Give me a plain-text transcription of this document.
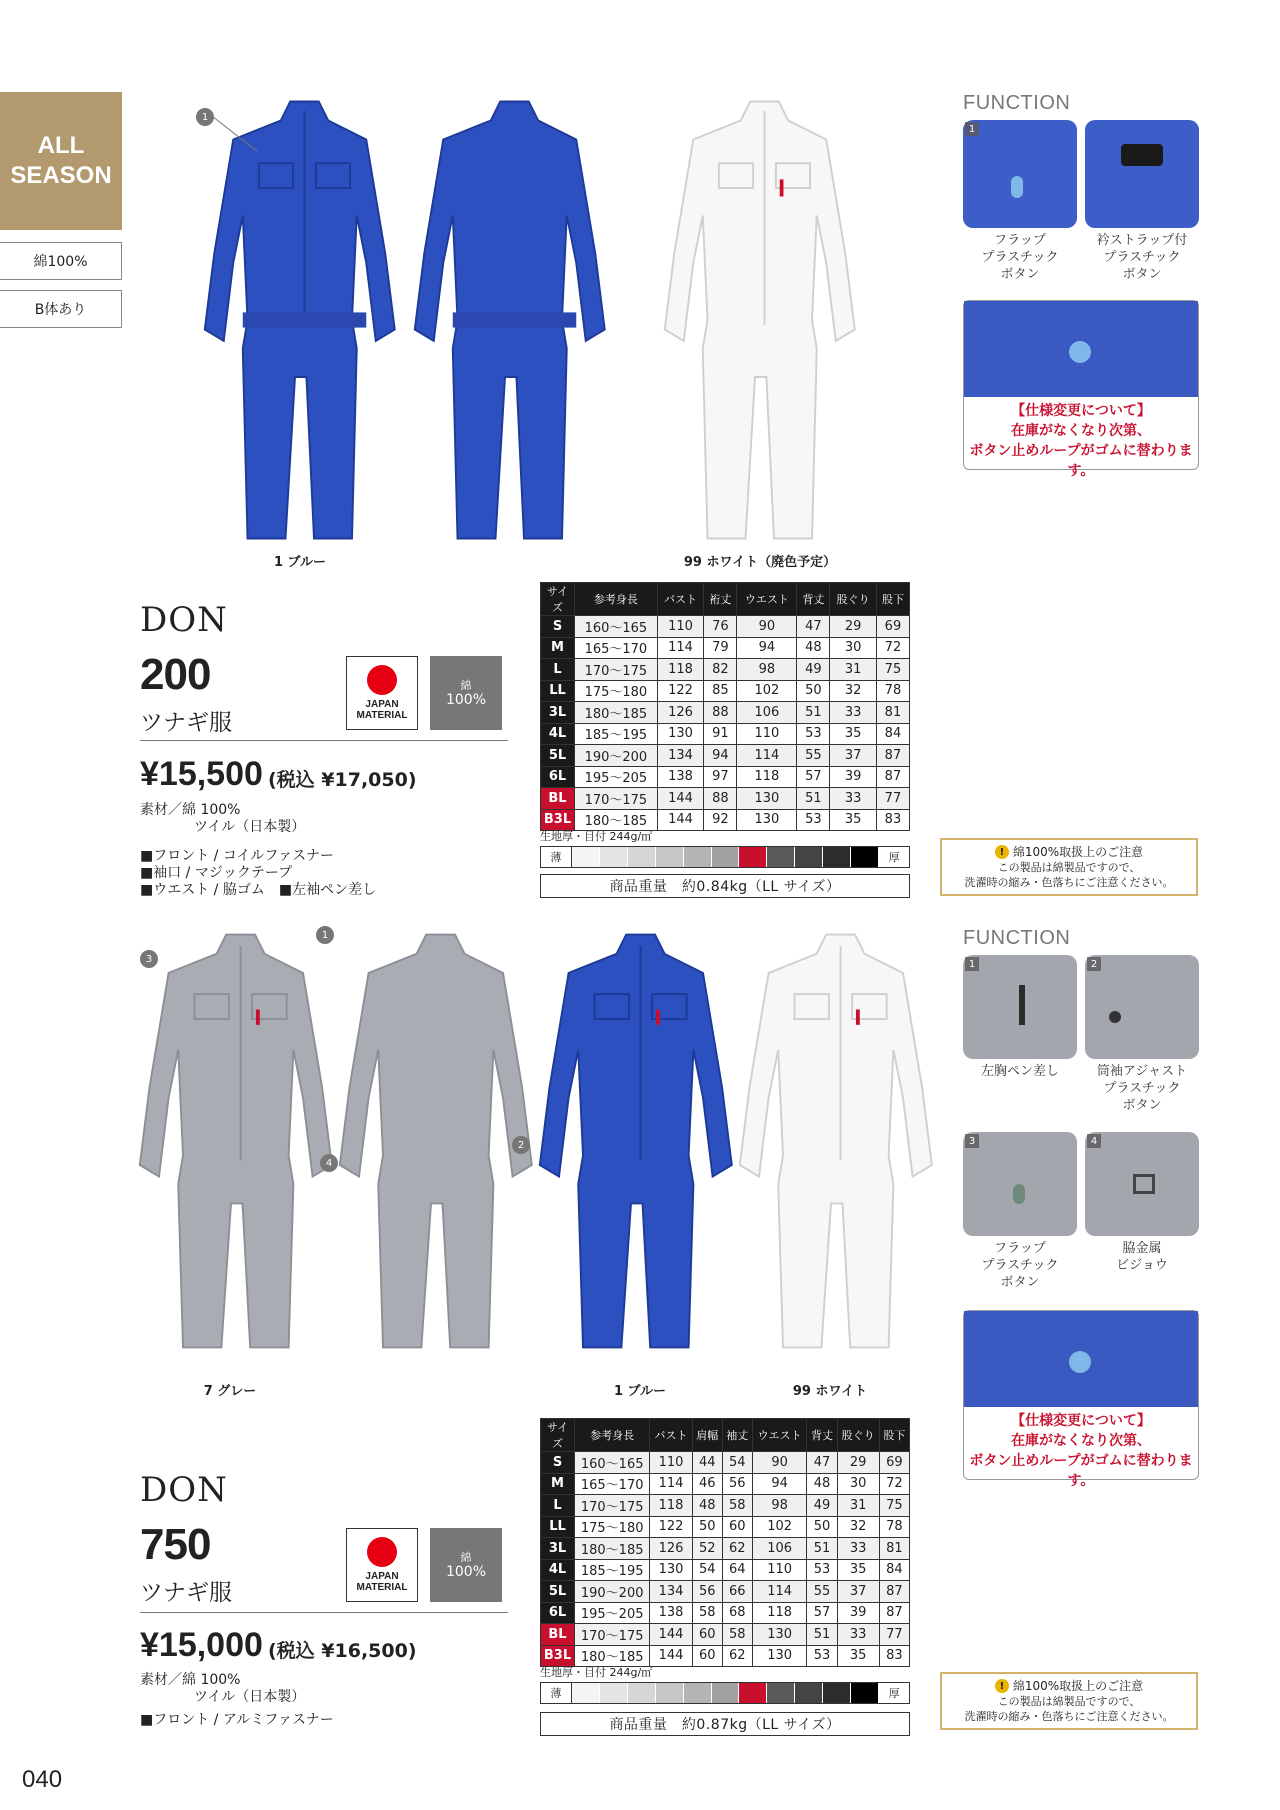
ALL
SEASON
綿100%
B体あり
1
1 ブルー	99 ホワイト（廃色予定）
FUNCTION
1
フラップ
プラスチック
ボタン
衿ストラップ付
プラスチック
ボタン
【仕様変更について】
在庫がなくなり次第、
ボタン止めループがゴムに替わります。
DON
200
ツナギ服
JAPAN
MATERIAL
綿
100%
¥15,500 (税込 ¥17,050)
素材／綿 100%
ツイル（日本製）
■フロント / コイルファスナー
■袖口 / マジックテープ
■ウエスト / 脇ゴム　■左袖ペン差し
サイズ	参考身長	バスト	裄丈	ウエスト	背丈	股ぐり	股下
S	160～165	110	76	90	47	29	69
M	165～170	114	79	94	48	30	72
L	170～175	118	82	98	49	31	75
LL	175～180	122	85	102	50	32	78
3L	180～185	126	88	106	51	33	81
4L	185～195	130	91	110	53	35	84
5L	190～200	134	94	114	55	37	87
6L	195～205	138	97	118	57	39	87
BL	170～175	144	88	130	51	33	77
B3L	180～185	144	92	130	53	35	83
生地厚・目付 244g/㎡
薄	厚
商品重量　約0.84kg（LL サイズ）
! 綿100%取扱上のご注意
この製品は綿製品ですので、
洗濯時の縮み・色落ちにご注意ください。
3
1
4
2
7 グレー	1 ブルー	99 ホワイト
FUNCTION
1	2
左胸ペン差し	筒袖アジャスト
プラスチック
ボタン
3	4
フラップ
プラスチック
ボタン
脇金属
ビジョウ
【仕様変更について】
在庫がなくなり次第、
ボタン止めループがゴムに替わります。
DON
750
ツナギ服
JAPAN
MATERIAL
綿
100%
¥15,000 (税込 ¥16,500)
素材／綿 100%
ツイル（日本製）
■フロント / アルミファスナー
サイズ	参考身長	バスト	肩幅	袖丈	ウエスト	背丈	股ぐり	股下
S	160～165	110	44	54	90	47	29	69
M	165～170	114	46	56	94	48	30	72
L	170～175	118	48	58	98	49	31	75
LL	175～180	122	50	60	102	50	32	78
3L	180～185	126	52	62	106	51	33	81
4L	185～195	130	54	64	110	53	35	84
5L	190～200	134	56	66	114	55	37	87
6L	195～205	138	58	68	118	57	39	87
BL	170～175	144	60	58	130	51	33	77
B3L	180～185	144	60	62	130	53	35	83
生地厚・目付 244g/㎡
薄	厚
商品重量　約0.87kg（LL サイズ）
! 綿100%取扱上のご注意
この製品は綿製品ですので、
洗濯時の縮み・色落ちにご注意ください。
040
